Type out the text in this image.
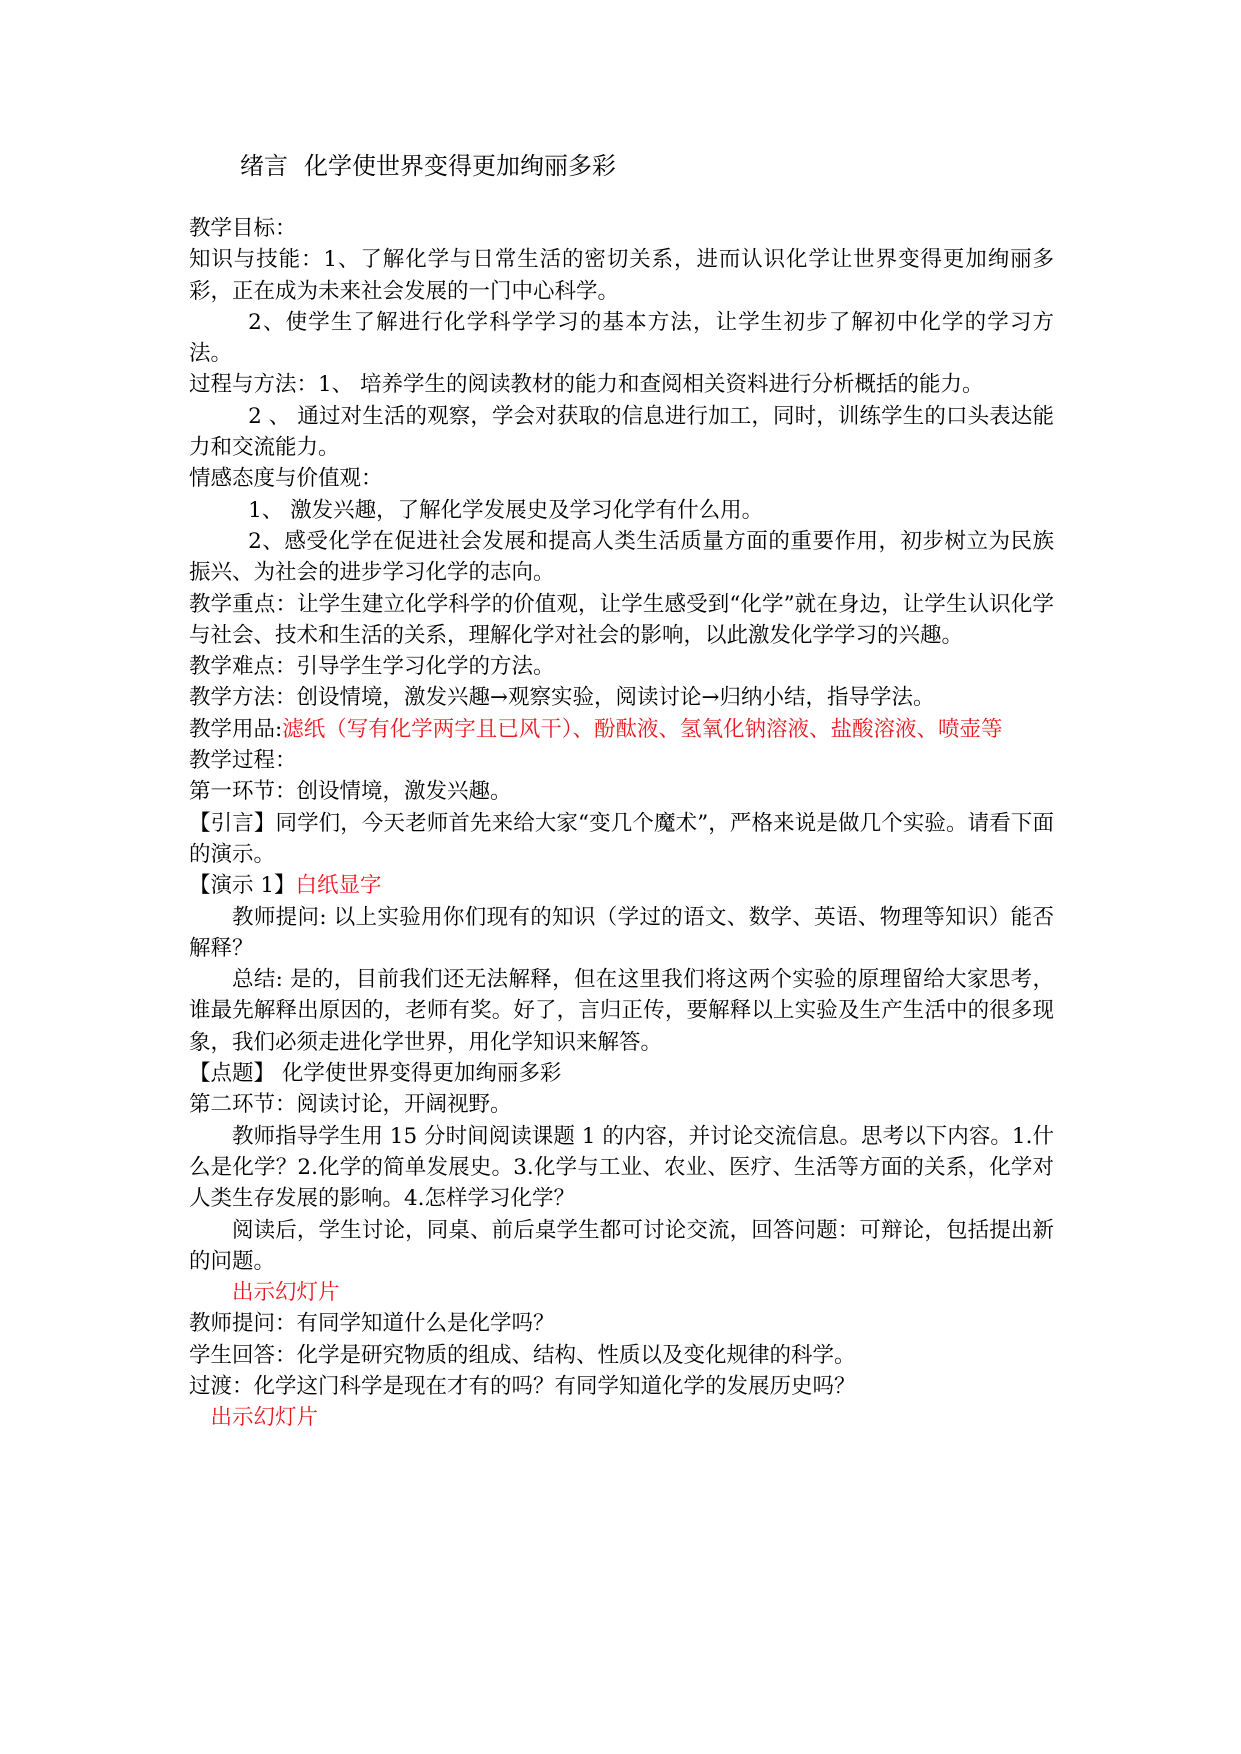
绪言 化学使世界变得更加绚丽多彩

教学目标：

知识与技能：1、了解化学与日常生活的密切关系，进而认识化学让世界变得更加绚丽多彩，正在成为未来社会发展的一门中心科学。

2、使学生了解进行化学科学学习的基本方法，让学生初步了解初中化学的学习方法。

过程与方法：1、 培养学生的阅读教材的能力和查阅相关资料进行分析概括的能力。

2 、 通过对生活的观察，学会对获取的信息进行加工，同时，训练学生的口头表达能力和交流能力。

情感态度与价值观：

1、 激发兴趣，了解化学发展史及学习化学有什么用。

2、感受化学在促进社会发展和提高人类生活质量方面的重要作用，初步树立为民族振兴、为社会的进步学习化学的志向。

教学重点：让学生建立化学科学的价值观，让学生感受到“化学”就在身边，让学生认识化学与社会、技术和生活的关系，理解化学对社会的影响，以此激发化学学习的兴趣。

教学难点：引导学生学习化学的方法。

教学方法：创设情境，激发兴趣→观察实验，阅读讨论→归纳小结，指导学法。

教学用品:滤纸（写有化学两字且已风干）、酚酞液、氢氧化钠溶液、盐酸溶液、喷壶等

教学过程：

第一环节：创设情境，激发兴趣。

【引言】同学们，今天老师首先来给大家“变几个魔术”，严格来说是做几个实验。请看下面的演示。

【演示 1】白纸显字

教师提问: 以上实验用你们现有的知识（学过的语文、数学、英语、物理等知识）能否解释？

总结: 是的，目前我们还无法解释，但在这里我们将这两个实验的原理留给大家思考，谁最先解释出原因的，老师有奖。好了，言归正传，要解释以上实验及生产生活中的很多现象，我们必须走进化学世界，用化学知识来解答。

【点题】 化学使世界变得更加绚丽多彩

第二环节：阅读讨论，开阔视野。

教师指导学生用 15 分时间阅读课题 1 的内容，并讨论交流信息。思考以下内容。1.什么是化学？2.化学的简单发展史。3.化学与工业、农业、医疗、生活等方面的关系，化学对人类生存发展的影响。4.怎样学习化学？

阅读后，学生讨论，同桌、前后桌学生都可讨论交流，回答问题：可辩论，包括提出新的问题。

出示幻灯片

教师提问：有同学知道什么是化学吗？

学生回答：化学是研究物质的组成、结构、性质以及变化规律的科学。

过渡：化学这门科学是现在才有的吗？有同学知道化学的发展历史吗？

出示幻灯片
